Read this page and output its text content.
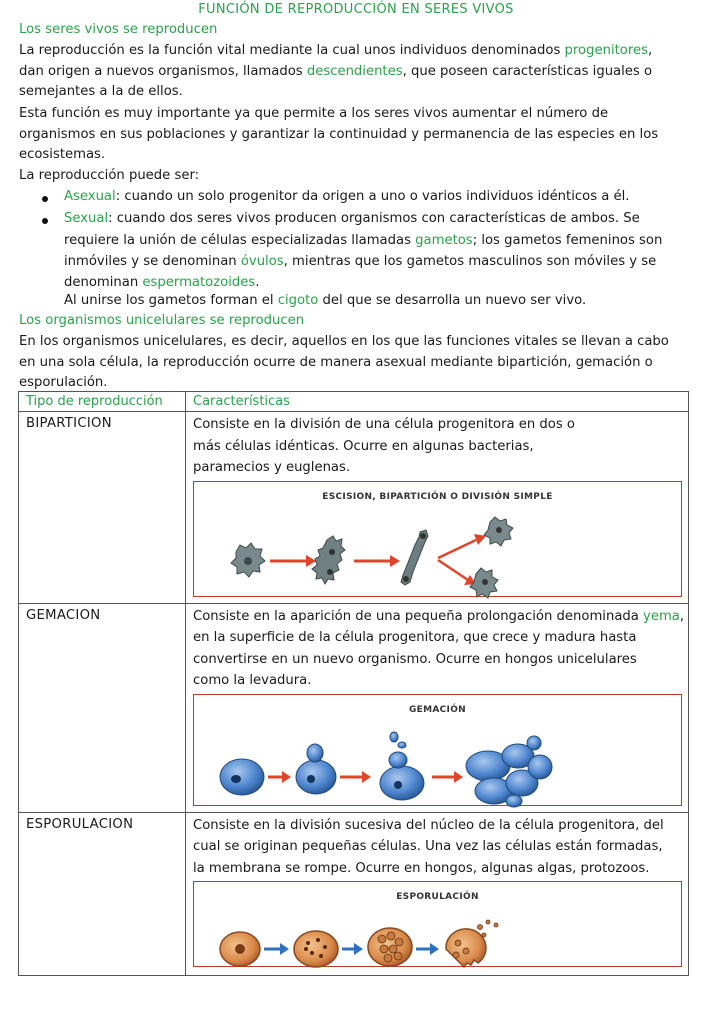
FUNCIÓN DE REPRODUCCIÓN EN SERES VIVOS
Los seres vivos se reproducen
La reproducción es la función vital mediante la cual unos individuos denominados progenitores,
dan origen a nuevos organismos, llamados descendientes, que poseen características iguales o
semejantes a la de ellos.
Esta función es muy importante ya que permite a los seres vivos aumentar el número de
organismos en sus poblaciones y garantizar la continuidad y permanencia de las especies en los
ecosistemas.
La reproducción puede ser:
Asexual: cuando un solo progenitor da origen a uno o varios individuos idénticos a él.
Sexual: cuando dos seres vivos producen organismos con características de ambos. Se
requiere la unión de células especializadas llamadas gametos; los gametos femeninos son
inmóviles y se denominan óvulos, mientras que los gametos masculinos son móviles y se
denominan espermatozoides.
Al unirse los gametos forman el cigoto del que se desarrolla un nuevo ser vivo.
Los organismos unicelulares se reproducen
En los organismos unicelulares, es decir, aquellos en los que las funciones vitales se llevan a cabo
en una sola célula, la reproducción ocurre de manera asexual mediante bipartición, gemación o
esporulación.
Tipo de reproducción	Características
BIPARTICION	Consiste en la división de una célula progenitora en dos o
más células idénticas. Ocurre en algunas bacterias,
paramecios y euglenas.
ESCISION, BIPARTICIÓN O DIVISIÓN SIMPLE

GEMACION	Consiste en la aparición de una pequeña prolongación denominada yema,
en la superficie de la célula progenitora, que crece y madura hasta
convertirse en un nuevo organismo. Ocurre en hongos unicelulares
como la levadura.
GEMACIÓN

ESPORULACION	Consiste en la división sucesiva del núcleo de la célula progenitora, del
cual se originan pequeñas células. Una vez las células están formadas,
la membrana se rompe. Ocurre en hongos, algunas algas, protozoos.
ESPORULACIÓN
